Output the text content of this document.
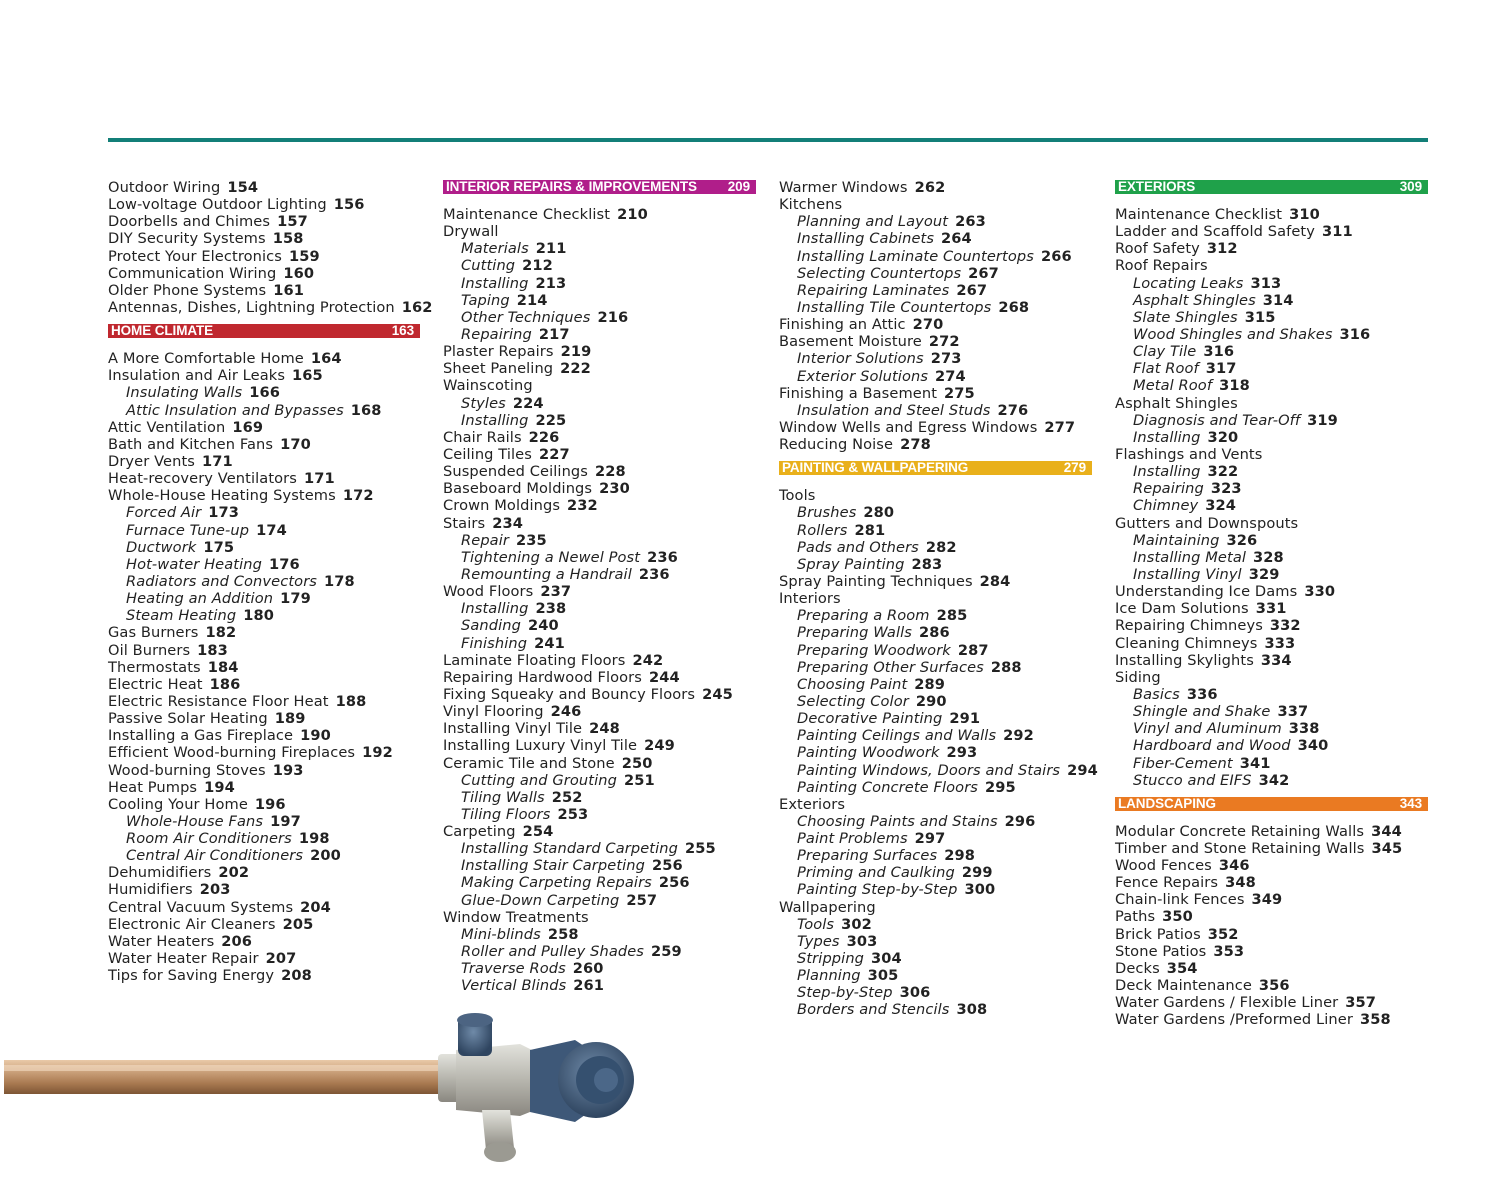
Outdoor Wiring 154
Low-voltage Outdoor Lighting 156
Doorbells and Chimes 157
DIY Security Systems 158
Protect Your Electronics 159
Communication Wiring 160
Older Phone Systems 161
Antennas, Dishes, Lightning Protection 162
HOME CLIMATE	163
A More Comfortable Home 164
Insulation and Air Leaks 165
Insulating Walls 166
Attic Insulation and Bypasses 168
Attic Ventilation 169
Bath and Kitchen Fans 170
Dryer Vents 171
Heat-recovery Ventilators 171
Whole-House Heating Systems 172
Forced Air 173
Furnace Tune-up 174
Ductwork 175
Hot-water Heating 176
Radiators and Convectors 178
Heating an Addition 179
Steam Heating 180
Gas Burners 182
Oil Burners 183
Thermostats 184
Electric Heat 186
Electric Resistance Floor Heat 188
Passive Solar Heating 189
Installing a Gas Fireplace 190
Efficient Wood-burning Fireplaces 192
Wood-burning Stoves 193
Heat Pumps 194
Cooling Your Home 196
Whole-House Fans 197
Room Air Conditioners 198
Central Air Conditioners 200
Dehumidifiers 202
Humidifiers 203
Central Vacuum Systems 204
Electronic Air Cleaners 205
Water Heaters 206
Water Heater Repair 207
Tips for Saving Energy 208
INTERIOR REPAIRS & IMPROVEMENTS 209
Maintenance Checklist 210
Drywall
Materials 211
Cutting 212
Installing 213
Taping 214
Other Techniques 216
Repairing 217
Plaster Repairs 219
Sheet Paneling 222
Wainscoting
Styles 224
Installing 225
Chair Rails 226
Ceiling Tiles 227
Suspended Ceilings 228
Baseboard Moldings 230
Crown Moldings 232
Stairs 234
Repair 235
Tightening a Newel Post 236
Remounting a Handrail 236
Wood Floors 237
Installing 238
Sanding 240
Finishing 241
Laminate Floating Floors 242
Repairing Hardwood Floors 244
Fixing Squeaky and Bouncy Floors 245
Vinyl Flooring 246
Installing Vinyl Tile 248
Installing Luxury Vinyl Tile 249
Ceramic Tile and Stone 250
Cutting and Grouting 251
Tiling Walls 252
Tiling Floors 253
Carpeting 254
Installing Standard Carpeting 255
Installing Stair Carpeting 256
Making Carpeting Repairs 256
Glue-Down Carpeting 257
Window Treatments
Mini-blinds 258
Roller and Pulley Shades 259
Traverse Rods 260
Vertical Blinds 261
Warmer Windows 262
Kitchens
Planning and Layout 263
Installing Cabinets 264
Installing Laminate Countertops 266
Selecting Countertops 267
Repairing Laminates 267
Installing Tile Countertops 268
Finishing an Attic 270
Basement Moisture 272
Interior Solutions 273
Exterior Solutions 274
Finishing a Basement 275
Insulation and Steel Studs 276
Window Wells and Egress Windows 277
Reducing Noise 278
PAINTING & WALLPAPERING	279
Tools
Brushes 280
Rollers 281
Pads and Others 282
Spray Painting 283
Spray Painting Techniques 284
Interiors
Preparing a Room 285
Preparing Walls 286
Preparing Woodwork 287
Preparing Other Surfaces 288
Choosing Paint 289
Selecting Color 290
Decorative Painting 291
Painting Ceilings and Walls 292
Painting Woodwork 293
Painting Windows, Doors and Stairs 294
Painting Concrete Floors 295
Exteriors
Choosing Paints and Stains 296
Paint Problems 297
Preparing Surfaces 298
Priming and Caulking 299
Painting Step-by-Step 300
Wallpapering
Tools 302
Types 303
Stripping 304
Planning 305
Step-by-Step 306
Borders and Stencils 308
EXTERIORS	309
Maintenance Checklist 310
Ladder and Scaffold Safety 311
Roof Safety 312
Roof Repairs
Locating Leaks 313
Asphalt Shingles 314
Slate Shingles 315
Wood Shingles and Shakes 316
Clay Tile 316
Flat Roof 317
Metal Roof 318
Asphalt Shingles
Diagnosis and Tear-Off 319
Installing 320
Flashings and Vents
Installing 322
Repairing 323
Chimney 324
Gutters and Downspouts
Maintaining 326
Installing Metal 328
Installing Vinyl 329
Understanding Ice Dams 330
Ice Dam Solutions 331
Repairing Chimneys 332
Cleaning Chimneys 333
Installing Skylights 334
Siding
Basics 336
Shingle and Shake 337
Vinyl and Aluminum 338
Hardboard and Wood 340
Fiber-Cement 341
Stucco and EIFS 342
LANDSCAPING	343
Modular Concrete Retaining Walls 344
Timber and Stone Retaining Walls 345
Wood Fences 346
Fence Repairs 348
Chain-link Fences 349
Paths 350
Brick Patios 352
Stone Patios 353
Decks 354
Deck Maintenance 356
Water Gardens / Flexible Liner 357
Water Gardens /Preformed Liner 358
